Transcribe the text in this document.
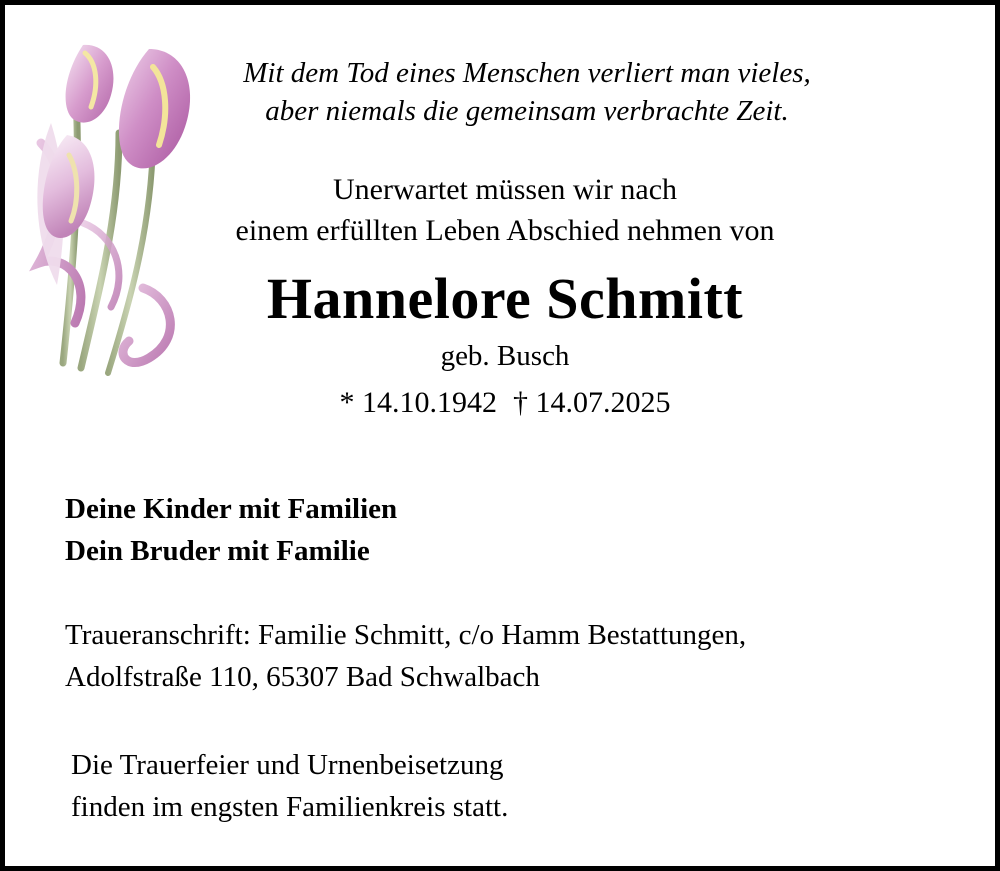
Mit dem Tod eines Menschen verliert man vieles,
aber niemals die gemeinsam verbrachte Zeit.
Unerwartet müssen wir nach
einem erfüllten Leben Abschied nehmen von
Hannelore Schmitt
geb. Busch
* 14.10.1942 † 14.07.2025
Deine Kinder mit Familien
Dein Bruder mit Familie
Traueranschrift: Familie Schmitt, c/o Hamm Bestattungen,
Adolfstraße 110, 65307 Bad Schwalbach
Die Trauerfeier und Urnenbeisetzung
finden im engsten Familienkreis statt.
